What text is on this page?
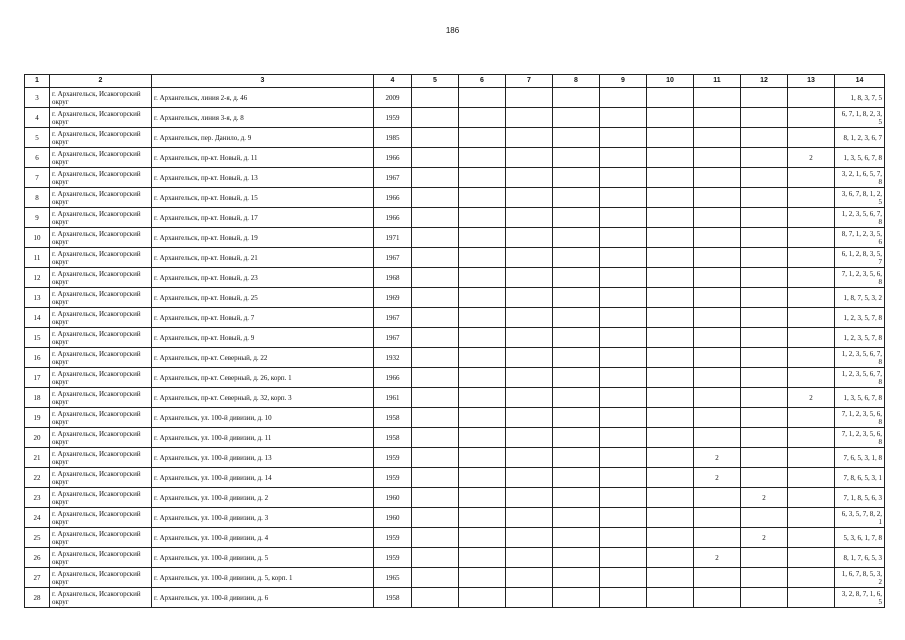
186
1	2	3	4	5	6	7	8	9	10	11	12	13	14
3	г. Архангельск, Исакогорский округ	г. Архангельск, линия 2-я, д. 46	2009										1, 8, 3, 7, 5
4	г. Архангельск, Исакогорский округ	г. Архангельск, линия 3-я, д. 8	1959										6, 7, 1, 8, 2, 3, 5
5	г. Архангельск, Исакогорский округ	г. Архангельск, пер. Данило, д. 9	1985										8, 1, 2, 3, 6, 7
6	г. Архангельск, Исакогорский округ	г. Архангельск, пр-кт. Новый, д. 11	1966									2	1, 3, 5, 6, 7, 8
7	г. Архангельск, Исакогорский округ	г. Архангельск, пр-кт. Новый, д. 13	1967										3, 2, 1, 6, 5, 7, 8
8	г. Архангельск, Исакогорский округ	г. Архангельск, пр-кт. Новый, д. 15	1966										3, 6, 7, 8, 1, 2, 5
9	г. Архангельск, Исакогорский округ	г. Архангельск, пр-кт. Новый, д. 17	1966										1, 2, 3, 5, 6, 7, 8
10	г. Архангельск, Исакогорский округ	г. Архангельск, пр-кт. Новый, д. 19	1971										8, 7, 1, 2, 3, 5, 6
11	г. Архангельск, Исакогорский округ	г. Архангельск, пр-кт. Новый, д. 21	1967										6, 1, 2, 8, 3, 5, 7
12	г. Архангельск, Исакогорский округ	г. Архангельск, пр-кт. Новый, д. 23	1968										7, 1, 2, 3, 5, 6, 8
13	г. Архангельск, Исакогорский округ	г. Архангельск, пр-кт. Новый, д. 25	1969										1, 8, 7, 5, 3, 2
14	г. Архангельск, Исакогорский округ	г. Архангельск, пр-кт. Новый, д. 7	1967										1, 2, 3, 5, 7, 8
15	г. Архангельск, Исакогорский округ	г. Архангельск, пр-кт. Новый, д. 9	1967										1, 2, 3, 5, 7, 8
16	г. Архангельск, Исакогорский округ	г. Архангельск, пр-кт. Северный, д. 22	1932										1, 2, 3, 5, 6, 7, 8
17	г. Архангельск, Исакогорский округ	г. Архангельск, пр-кт. Северный, д. 26, корп. 1	1966										1, 2, 3, 5, 6, 7, 8
18	г. Архангельск, Исакогорский округ	г. Архангельск, пр-кт. Северный, д. 32, корп. 3	1961									2	1, 3, 5, 6, 7, 8
19	г. Архангельск, Исакогорский округ	г. Архангельск, ул. 100-й дивизии, д. 10	1958										7, 1, 2, 3, 5, 6, 8
20	г. Архангельск, Исакогорский округ	г. Архангельск, ул. 100-й дивизии, д. 11	1958										7, 1, 2, 3, 5, 6, 8
21	г. Архангельск, Исакогорский округ	г. Архангельск, ул. 100-й дивизии, д. 13	1959							2			7, 6, 5, 3, 1, 8
22	г. Архангельск, Исакогорский округ	г. Архангельск, ул. 100-й дивизии, д. 14	1959							2			7, 8, 6, 5, 3, 1
23	г. Архангельск, Исакогорский округ	г. Архангельск, ул. 100-й дивизии, д. 2	1960								2		7, 1, 8, 5, 6, 3
24	г. Архангельск, Исакогорский округ	г. Архангельск, ул. 100-й дивизии, д. 3	1960										6, 3, 5, 7, 8, 2, 1
25	г. Архангельск, Исакогорский округ	г. Архангельск, ул. 100-й дивизии, д. 4	1959								2		5, 3, 6, 1, 7, 8
26	г. Архангельск, Исакогорский округ	г. Архангельск, ул. 100-й дивизии, д. 5	1959							2			8, 1, 7, 6, 5, 3
27	г. Архангельск, Исакогорский округ	г. Архангельск, ул. 100-й дивизии, д. 5, корп. 1	1965										1, 6, 7, 8, 5, 3, 2
28	г. Архангельск, Исакогорский округ	г. Архангельск, ул. 100-й дивизии, д. 6	1958										3, 2, 8, 7, 1, 6, 5
